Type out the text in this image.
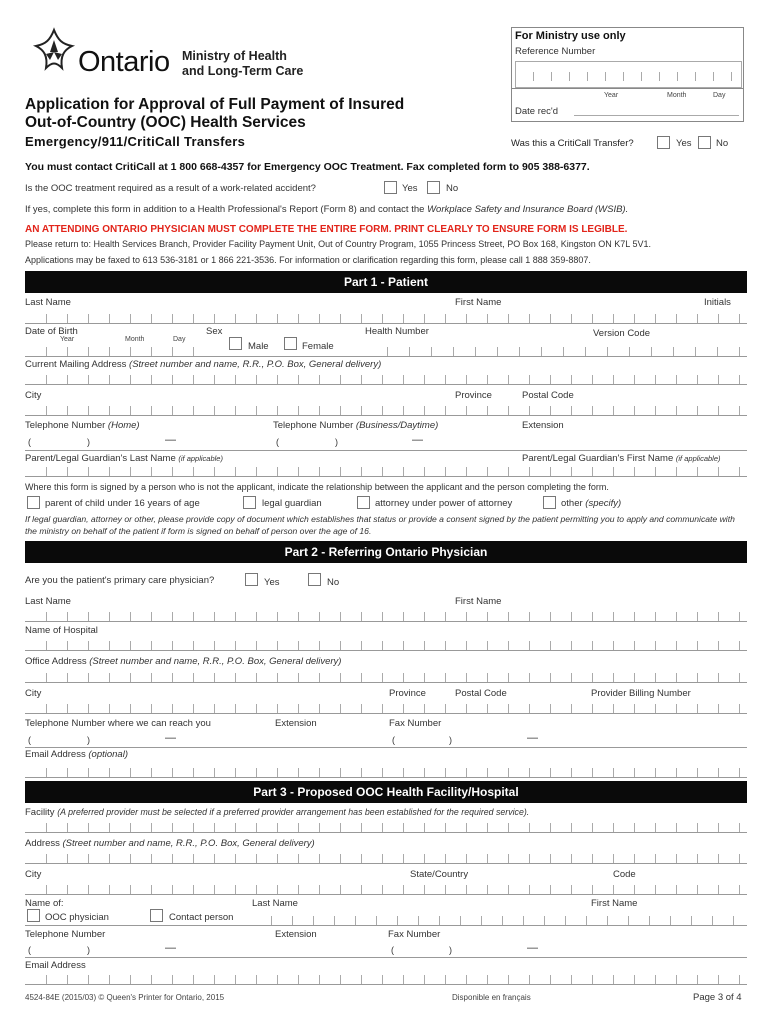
Ontario Ministry of Health
and Long-Term Care
Application for Approval of Full Payment of Insured
Out-of-Country (OOC) Health Services
Emergency/911/CritiCall Transfers
For Ministry use only
Reference Number
Year	Month	Day
Date rec'd
Was this a CritiCall Transfer?	Yes	No
You must contact CritiCall at 1 800 668-4357 for Emergency OOC Treatment. Fax completed form to 905 388-6377.
Is the OOC treatment required as a result of a work-related accident?	Yes	No
If yes, complete this form in addition to a Health Professional's Report (Form 8) and contact the Workplace Safety and Insurance Board (WSIB).
AN ATTENDING ONTARIO PHYSICIAN MUST COMPLETE THE ENTIRE FORM. PRINT CLEARLY TO ENSURE FORM IS LEGIBLE.
Please return to: Health Services Branch, Provider Facility Payment Unit, Out of Country Program, 1055 Princess Street, PO Box 168, Kingston ON K7L 5V1.
Applications may be faxed to 613 536-3181 or 1 866 221-3536. For information or clarification regarding this form, please call 1 888 359-8807.
Part 1 - Patient
Last Name	First Name	Initials
Date of Birth
Year	Month	Day
Sex
Male	Female
Health Number	Version Code
Current Mailing Address (Street number and name, R.R., P.O. Box, General delivery)
City	Province	Postal Code
Telephone Number (Home)
(	)	—
Telephone Number (Business/Daytime)
(	)	—
Extension
Parent/Legal Guardian's Last Name (if applicable)	Parent/Legal Guardian's First Name (if applicable)
Where this form is signed by a person who is not the applicant, indicate the relationship between the applicant and the person completing the form.
parent of child under 16 years of age	legal guardian	attorney under power of attorney	other (specify)
If legal guardian, attorney or other, please provide copy of document which establishes that status or provide a consent signed by the patient permitting you to apply and communicate with the ministry on behalf of the patient if form is signed on behalf of person over the age of 16.
Part 2 - Referring Ontario Physician
Are you the patient's primary care physician?	Yes	No
Last Name	First Name
Name of Hospital
Office Address (Street number and name, R.R., P.O. Box, General delivery)
City	Province	Postal Code	Provider Billing Number
Telephone Number where we can reach you
(	)	—
Extension	Fax Number
(	)	—
Email Address (optional)
Part 3 - Proposed OOC Health Facility/Hospital
Facility (A preferred provider must be selected if a preferred provider arrangement has been established for the required service).
Address (Street number and name, R.R., P.O. Box, General delivery)
City	State/Country	Code
Name of:
OOC physician	Contact person
Last Name	First Name
Telephone Number
(	)	—
Extension	Fax Number
(	)	—
Email Address
4524-84E (2015/03) © Queen's Printer for Ontario, 2015	Disponible en français	Page 3 of 4
